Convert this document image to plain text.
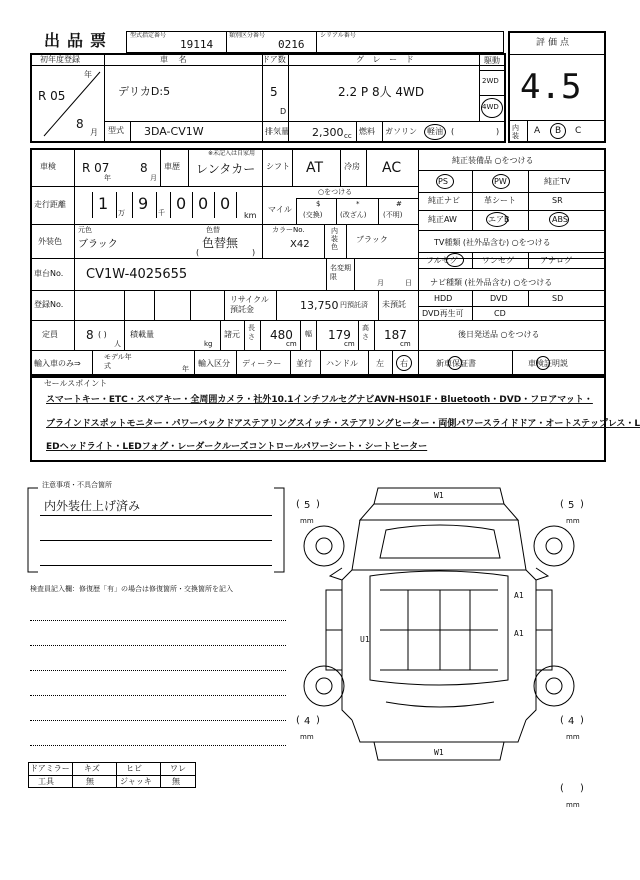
出品票	型式指定番号
19114
類別区分番号
0216
シリアル番号
評価点
4.5
内装	A B C
初年度登録
年
R 05
8
月
車 名
デリカD:5
ドア数
5
D
グ レ ー ド
2.2 P 8人 4WD
駆動
2WD
4WD
型式 3DA-CV1W	排気量 2,300 cc 燃料 ガソリン 軽油 (	)
車検 R 07
年
8
月
車歴
※未記入は自家用
レンタカー シフト AT	冷房 AC
走行距離 1 万 9 千 0 0 0
km
マイル
○をつける
$
(交換)
*
(改ざん)
#
(不明)
外装色
元色
ブラック
色替
色替無
(	)
カラーNo.
X42
内装色
ブラック
車台No. CV1W-4025655	名変期限
月	日
登録No.
リサイクル預託金	13,750 円預託済 未預託
定員 8 ( )
人
積載量
kg
諸元
長さ 480
cm
幅 179
cm
高さ 187
cm
輸入車のみ⇒
モデル年式	年
輸入区分 ディーラー 並行 ハンドル 左 右
純正装備品 ○をつける
PS	PW	純正TV
純正ナビ	革シート	SR
純正AW	エアB	ABS
TV種類 (社外品含む) ○をつける
フルセグ	ワンセグ	アナログ
ナビ種類 (社外品含む) ○をつける
HDD	DVD	SD
DVD再生可	CD
後日発送品 ○をつける
新車保証書	車検証明説
セールスポイント
スマートキー・ETC・スペアキー・全周囲カメラ・社外10.1インチフルセグナビAVN-HS01F・Bluetooth・DVD・フロアマット・
ブラインドスポットモニター・パワーバックドアステアリングスイッチ・ステアリングヒーター・両側パワースライドドア・オートステップレス・L
EDヘッドライト・LEDフォグ・レーダークルーズコントロールパワーシート・シートヒーター
注意事項・不具合箇所
内外装仕上げ済み
検査員記入欄：修復歴「有」の場合は修復箇所・交換箇所を記入
ドアミラー キズ	ヒビ	ワレ
工具	無	ジャッキ	無
W1
A1
A1
U1
W1
( 5 )
mm
( 5 )
mm
( 4 )
mm
( 4 )
mm
( )
mm
